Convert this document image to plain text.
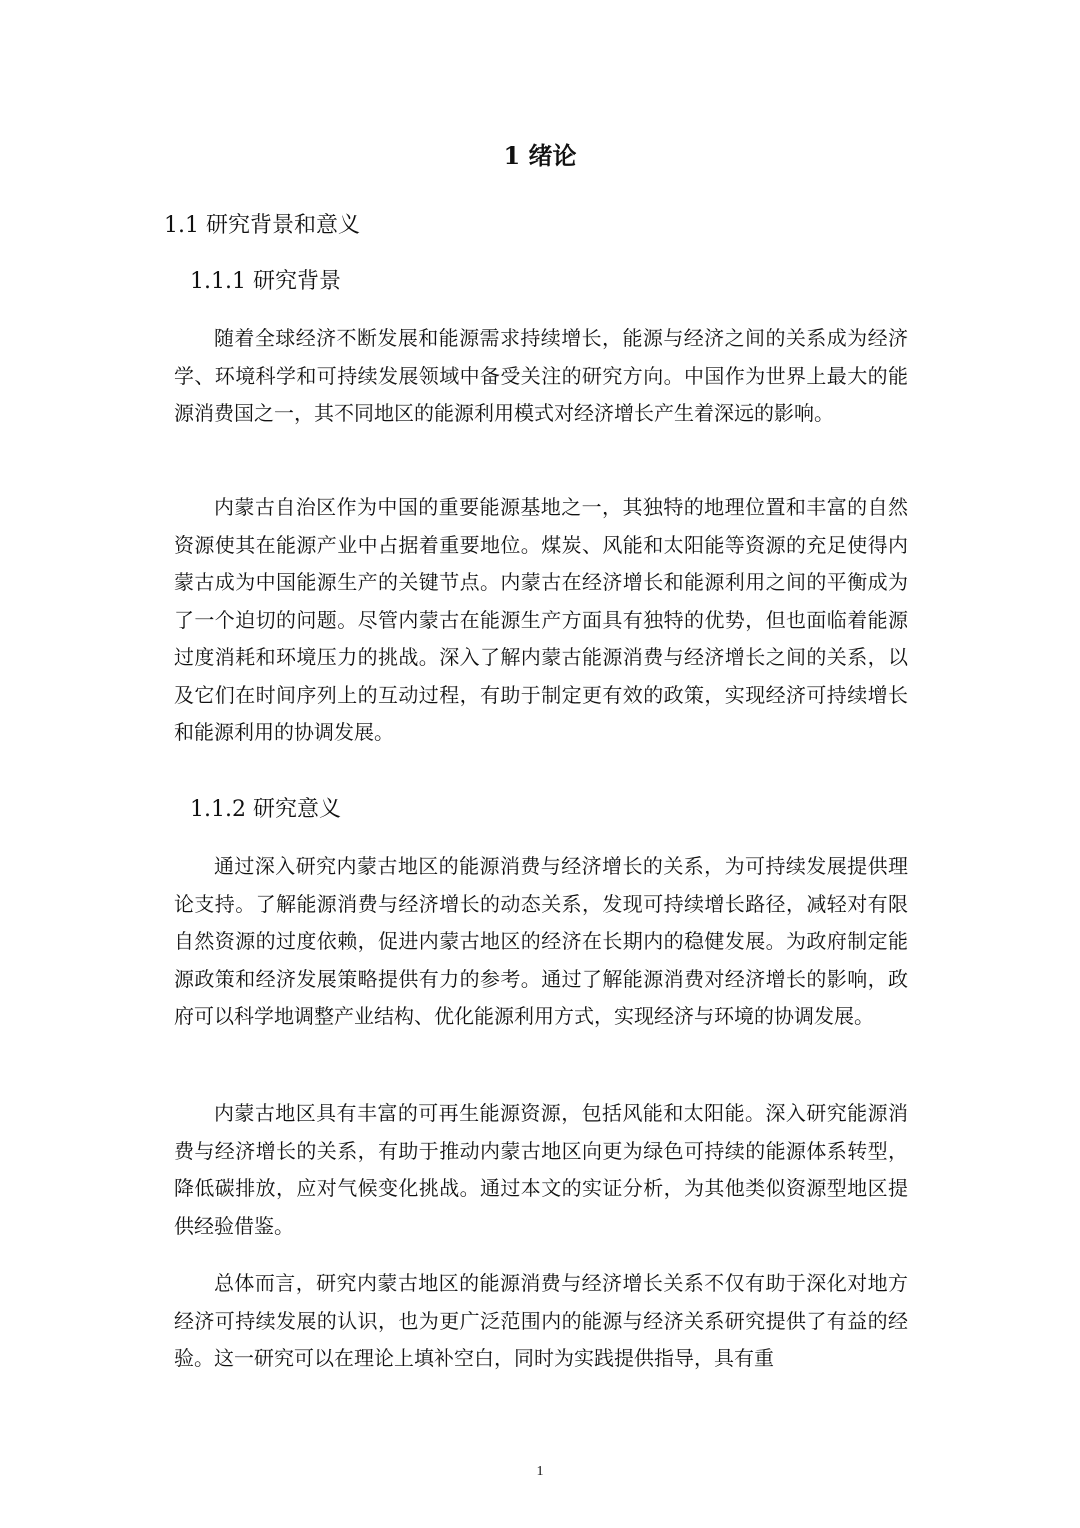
1 绪论
1.1 研究背景和意义
1.1.1 研究背景

随着全球经济不断发展和能源需求持续增长，能源与经济之间的关系成为经济学、环境科学和可持续发展领域中备受关注的研究方向。中国作为世界上最大的能源消费国之一，其不同地区的能源利用模式对经济增长产生着深远的影响。

内蒙古自治区作为中国的重要能源基地之一，其独特的地理位置和丰富的自然资源使其在能源产业中占据着重要地位。煤炭、风能和太阳能等资源的充足使得内蒙古成为中国能源生产的关键节点。内蒙古在经济增长和能源利用之间的平衡成为了一个迫切的问题。尽管内蒙古在能源生产方面具有独特的优势，但也面临着能源过度消耗和环境压力的挑战。深入了解内蒙古能源消费与经济增长之间的关系，以及它们在时间序列上的互动过程，有助于制定更有效的政策，实现经济可持续增长和能源利用的协调发展。

1.1.2 研究意义

通过深入研究内蒙古地区的能源消费与经济增长的关系，为可持续发展提供理论支持。了解能源消费与经济增长的动态关系，发现可持续增长路径，减轻对有限自然资源的过度依赖，促进内蒙古地区的经济在长期内的稳健发展。为政府制定能源政策和经济发展策略提供有力的参考。通过了解能源消费对经济增长的影响，政府可以科学地调整产业结构、优化能源利用方式，实现经济与环境的协调发展。

内蒙古地区具有丰富的可再生能源资源，包括风能和太阳能。深入研究能源消费与经济增长的关系，有助于推动内蒙古地区向更为绿色可持续的能源体系转型，降低碳排放，应对气候变化挑战。通过本文的实证分析，为其他类似资源型地区提供经验借鉴。

总体而言，研究内蒙古地区的能源消费与经济增长关系不仅有助于深化对地方经济可持续发展的认识，也为更广泛范围内的能源与经济关系研究提供了有益的经验。这一研究可以在理论上填补空白，同时为实践提供指导，具有重

1
